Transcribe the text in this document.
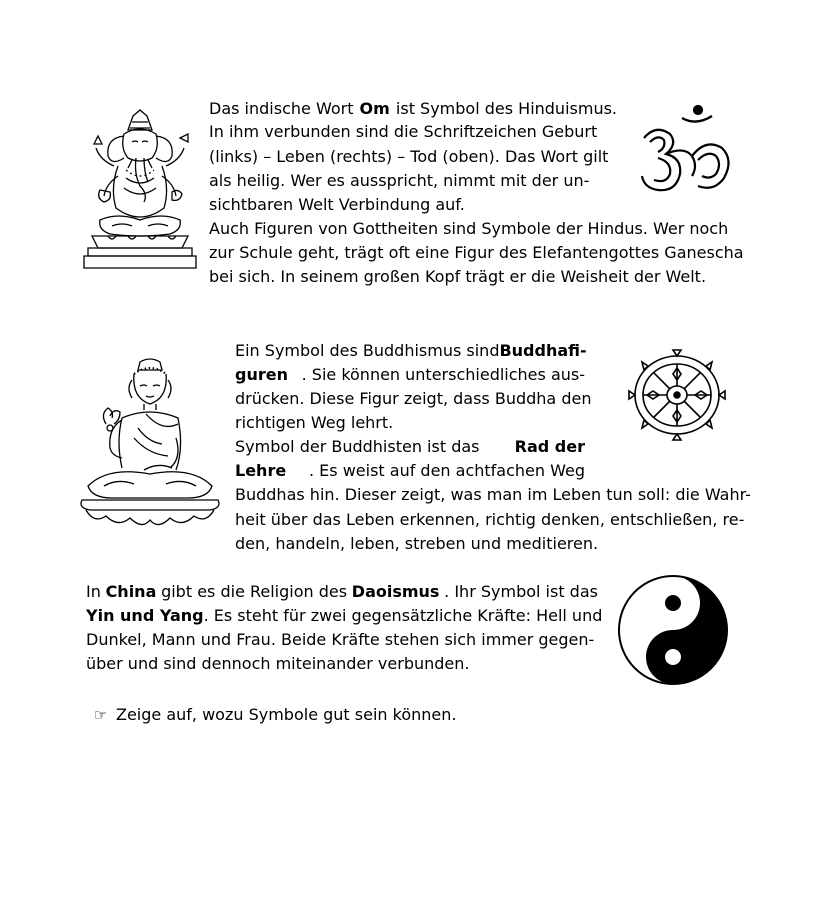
Das indische Wort Om ist Symbol des Hinduismus.
In ihm verbunden sind die Schriftzeichen Geburt
(links) – Leben (rechts) – Tod (oben). Das Wort gilt
als heilig. Wer es ausspricht, nimmt mit der un-
sichtbaren Welt Verbindung auf.
Auch Figuren von Gottheiten sind Symbole der Hindus. Wer noch
zur Schule geht, trägt oft eine Figur des Elefantengottes Ganescha
bei sich. In seinem großen Kopf trägt er die Weisheit der Welt.
Ein Symbol des Buddhismus sind Buddhafi-
guren . Sie können unterschiedliches aus-
drücken. Diese Figur zeigt, dass Buddha den
richtigen Weg lehrt.
Symbol der Buddhisten ist das Rad der
Lehre . Es weist auf den achtfachen Weg
Buddhas hin. Dieser zeigt, was man im Leben tun soll: die Wahr-
heit über das Leben erkennen, richtig denken, entschließen, re-
den, handeln, leben, streben und meditieren.
In China gibt es die Religion des Daoismus . Ihr Symbol ist das
Yin und Yang . Es steht für zwei gegensätzliche Kräfte: Hell und
Dunkel, Mann und Frau. Beide Kräfte stehen sich immer gegen-
über und sind dennoch miteinander verbunden.
☞ Zeige auf, wozu Symbole gut sein können.
